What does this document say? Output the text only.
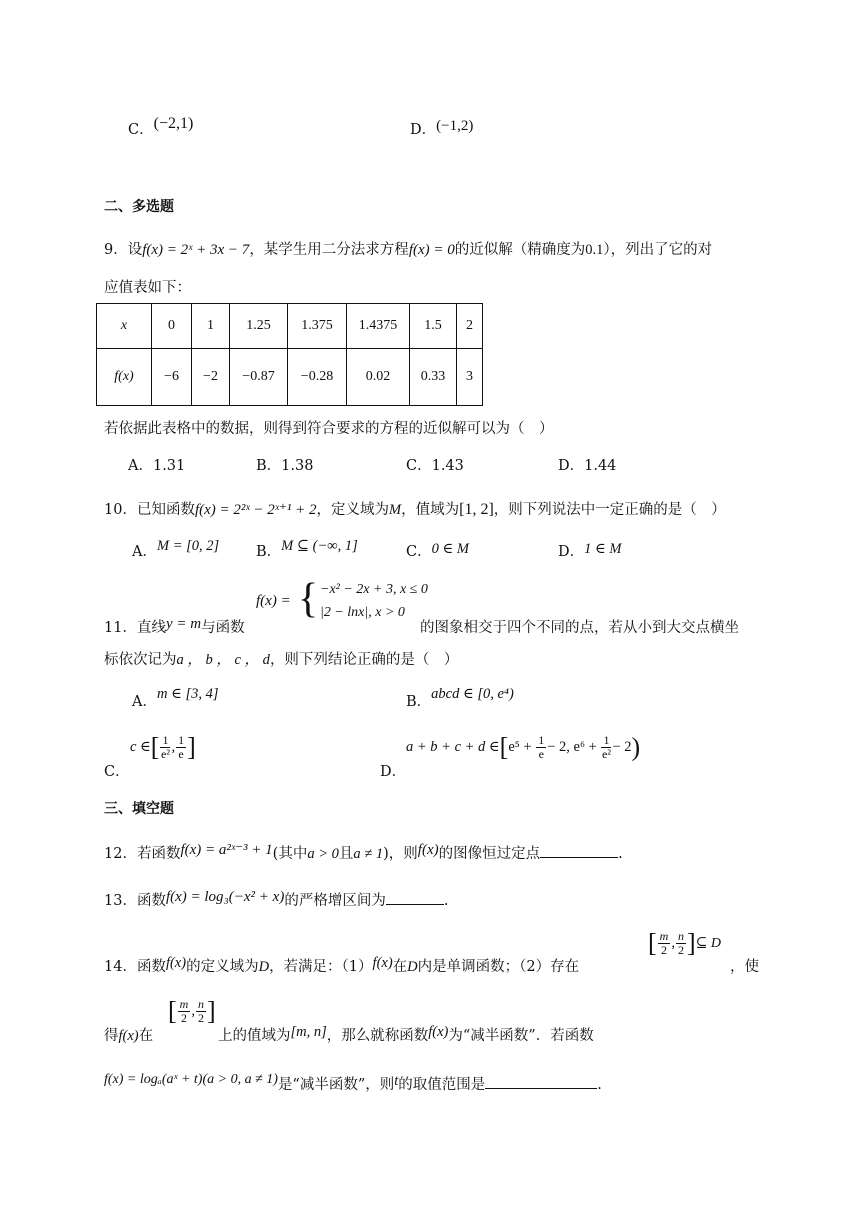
C．(−2,1)	D．(−1,2)
二、多选题
9．设f(x) = 2ˣ + 3x − 7，某学生用二分法求方程f(x) = 0的近似解（精确度为0.1），列出了它的对
应值表如下：
x	0	1	1.25	1.375	1.4375	1.5	2
f(x)	−6	−2	−0.87	−0.28	0.02	0.33	3
若依据此表格中的数据，则得到符合要求的方程的近似解可以为（　）
A．1.31	B．1.38	C．1.43	D．1.44
10．已知函数f(x) = 2²ˣ − 2ˣ⁺¹ + 2，定义域为M，值域为[1, 2]，则下列说法中一定正确的是（　）
A．M = [0, 2]	B．M ⊆ (−∞, 1]	C．0 ∈ M	D．1 ∈ M
f(x) = { −x² − 2x + 3, x ≤ 0
|2 − lnx|, x > 0
11．直线y = m与函数	的图象相交于四个不同的点，若从小到大交点横坐
标依次记为a ， b ， c ， d，则下列结论正确的是（　）
A．m ∈ [3, 4]	B．abcd ∈ [0, e⁴)
C．
c ∈[ $\frac{1}{\text{e²}}$ , $\frac{1}{e}$ ]
D．
a + b + c + d ∈[e⁵ + $\frac{1}{e} - 2$, $e^6 + \frac{1}{\text{e²}} - 2$)
三、填空题
12．若函数f(x) = a²ˣ⁻³ + 1(其中a > 0且a ≠ 1)，则f(x)的图像恒过定点	.
13．函数f(x) = log₃(−x² + x)的严格增区间为	.
14．函数f(x)的定义域为D，若满足：（1）f(x)在D内是单调函数；（2）存在
[ $\frac{m}{2}$ , $\frac{n}{2}$ ]⊆ D
，使
得f(x)在
[ $\frac{m}{2}$ , $\frac{n}{2}$ ]
上的值域为[m, n]，那么就称函数f(x)为“减半函数”．若函数
f(x) = logₐ(aˣ + t)(a > 0, a ≠ 1)是“减半函数”，则t的取值范围是	.
